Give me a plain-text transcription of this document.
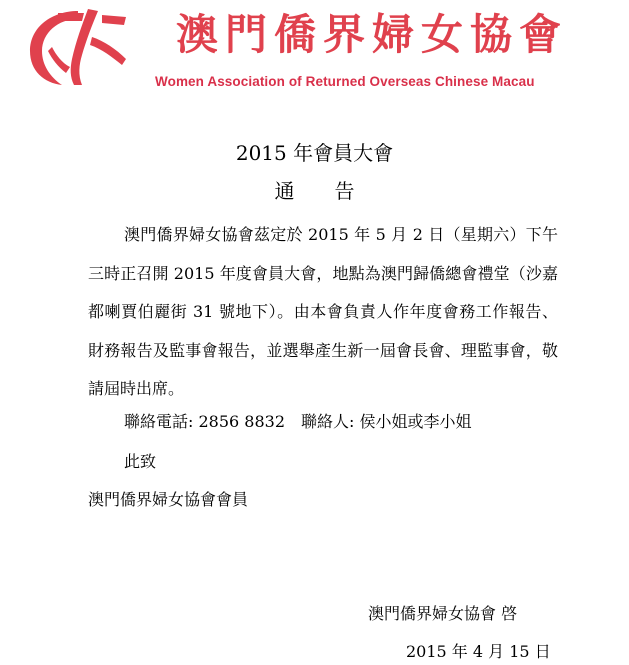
澳門僑界婦女協會
Women Association of Returned Overseas Chinese Macau
2015 年會員大會
通 告
澳門僑界婦女協會茲定於 2015 年 5 月 2 日（星期六）下午三時正召開 2015 年度會員大會，地點為澳門歸僑總會禮堂（沙嘉都喇賈伯麗街 31 號地下）。由本會負責人作年度會務工作報告、財務報告及監事會報告，並選舉產生新一屆會長會、理監事會，敬請屆時出席。
聯絡電話: 2856 8832 聯絡人: 侯小姐或李小姐
此致
澳門僑界婦女協會會員
澳門僑界婦女協會 啓
2015 年 4 月 15 日
